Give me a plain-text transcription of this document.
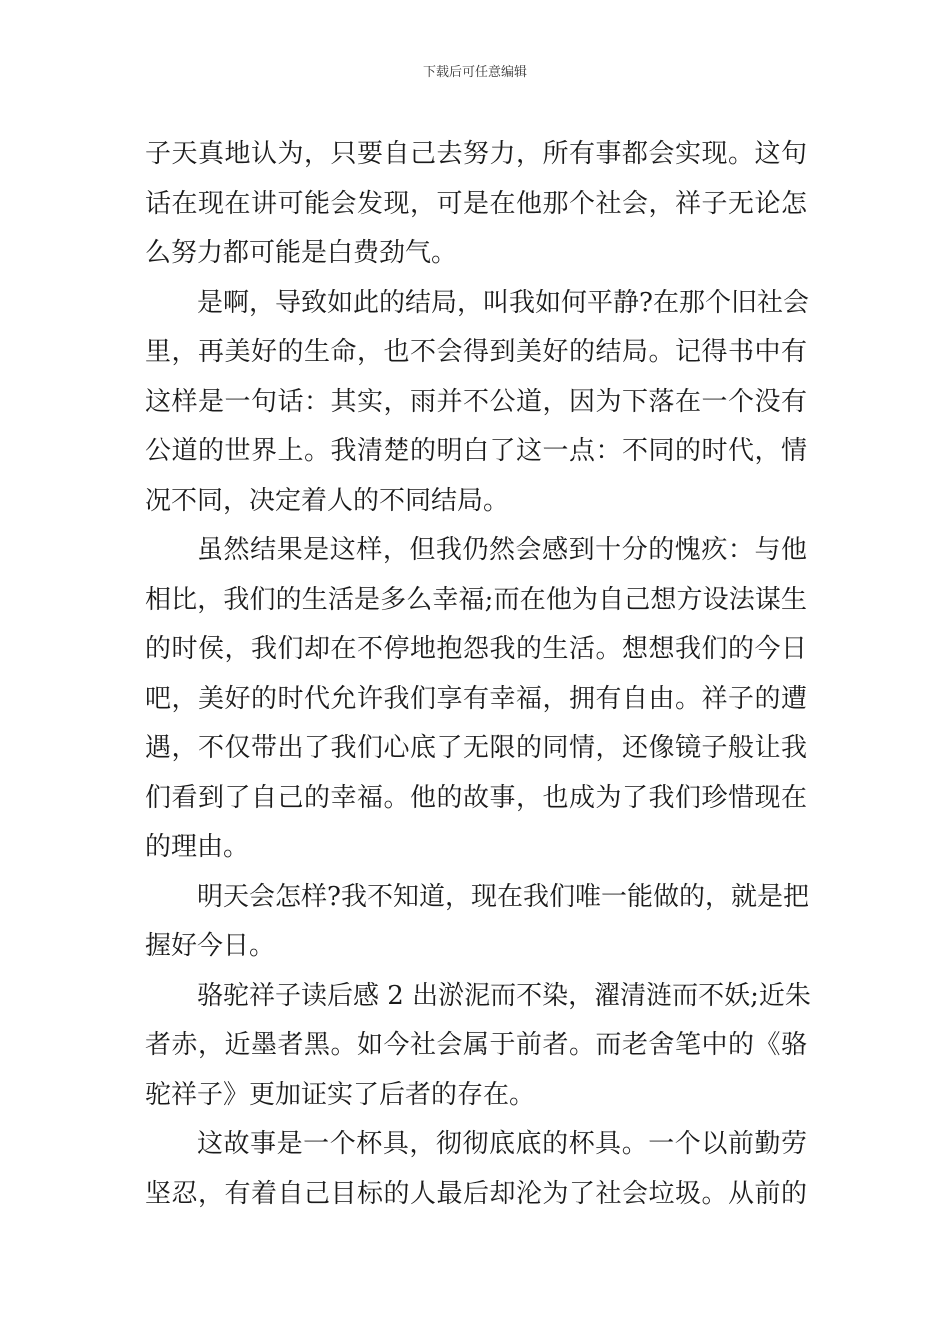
下载后可任意编辑
子天真地认为，只要自己去努力，所有事都会实现。这句
话在现在讲可能会发现，可是在他那个社会，祥子无论怎
么努力都可能是白费劲气。
是啊，导致如此的结局，叫我如何平静?在那个旧社会
里，再美好的生命，也不会得到美好的结局。记得书中有
这样是一句话：其实，雨并不公道，因为下落在一个没有
公道的世界上。我清楚的明白了这一点：不同的时代，情
况不同，决定着人的不同结局。
虽然结果是这样，但我仍然会感到十分的愧疚：与他
相比，我们的生活是多么幸福;而在他为自己想方设法谋生
的时侯，我们却在不停地抱怨我的生活。想想我们的今日
吧，美好的时代允许我们享有幸福，拥有自由。祥子的遭
遇，不仅带出了我们心底了无限的同情，还像镜子般让我
们看到了自己的幸福。他的故事，也成为了我们珍惜现在
的理由。
明天会怎样?我不知道，现在我们唯一能做的，就是把
握好今日。
骆驼祥子读后感 2 出淤泥而不染，濯清涟而不妖;近朱
者赤，近墨者黑。如今社会属于前者。而老舍笔中的《骆
驼祥子》更加证实了后者的存在。
这故事是一个杯具，彻彻底底的杯具。一个以前勤劳
坚忍，有着自己目标的人最后却沦为了社会垃圾。从前的
